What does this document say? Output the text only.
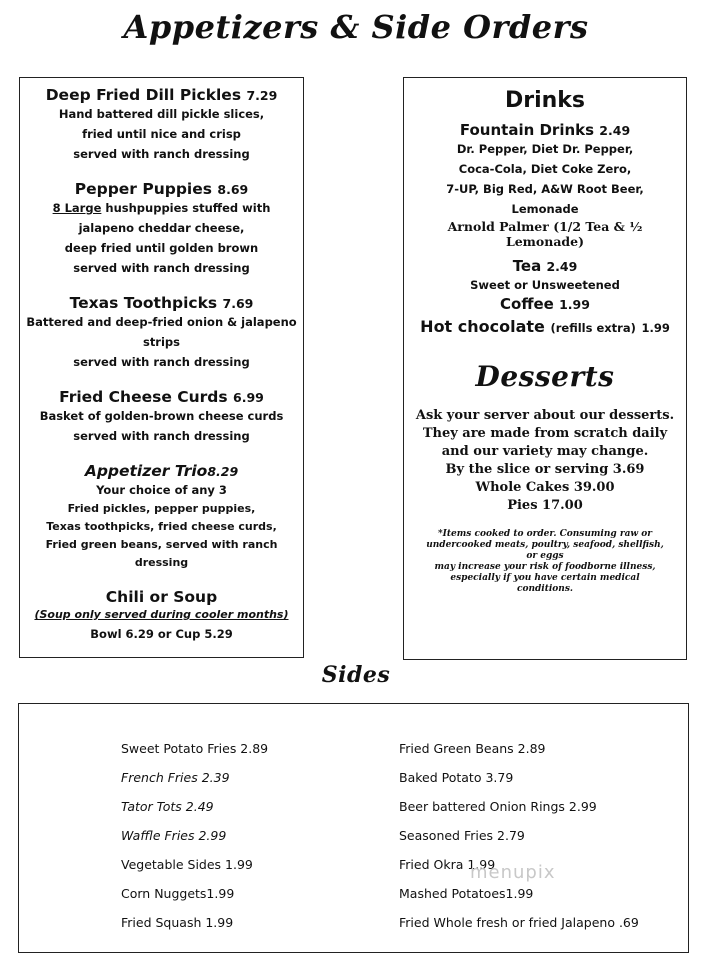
Appetizers & Side Orders
Deep Fried Dill Pickles 7.29
Hand battered dill pickle slices,
fried until nice and crisp
served with ranch dressing
Pepper Puppies 8.69
8 Large hushpuppies stuffed with
jalapeno cheddar cheese,
deep fried until golden brown
served with ranch dressing
Texas Toothpicks 7.69
Battered and deep-fried onion & jalapeno
strips
served with ranch dressing
Fried Cheese Curds 6.99
Basket of golden-brown cheese curds
served with ranch dressing
Appetizer Trio8.29
Your choice of any 3
Fried pickles, pepper puppies,
Texas toothpicks, fried cheese curds,
Fried green beans, served with ranch dressing
Chili or Soup
(Soup only served during cooler months)
Bowl 6.29 or Cup 5.29
Drinks
Fountain Drinks 2.49
Dr. Pepper, Diet Dr. Pepper,
Coca-Cola, Diet Coke Zero,
7-UP, Big Red, A&W Root Beer,
Lemonade
Arnold Palmer (1/2 Tea & ½
Lemonade)
Tea 2.49
Sweet or Unsweetened
Coffee 1.99
Hot chocolate (refills extra) 1.99
Desserts
Ask your server about our desserts.
They are made from scratch daily
and our variety may change.
By the slice or serving 3.69
Whole Cakes 39.00
Pies 17.00
*Items cooked to order. Consuming raw or
undercooked meats, poultry, seafood, shellfish,
or eggs
may increase your risk of foodborne illness,
especially if you have certain medical
conditions.
Sides
Sweet Potato Fries 2.89
French Fries 2.39
Tator Tots 2.49
Waffle Fries 2.99
Vegetable Sides 1.99
Corn Nuggets1.99
Fried Squash 1.99
Fried Green Beans 2.89
Baked Potato 3.79
Beer battered Onion Rings 2.99
Seasoned Fries 2.79
Fried Okra 1.99
Mashed Potatoes1.99
Fried Whole fresh or fried Jalapeno .69
menupix
